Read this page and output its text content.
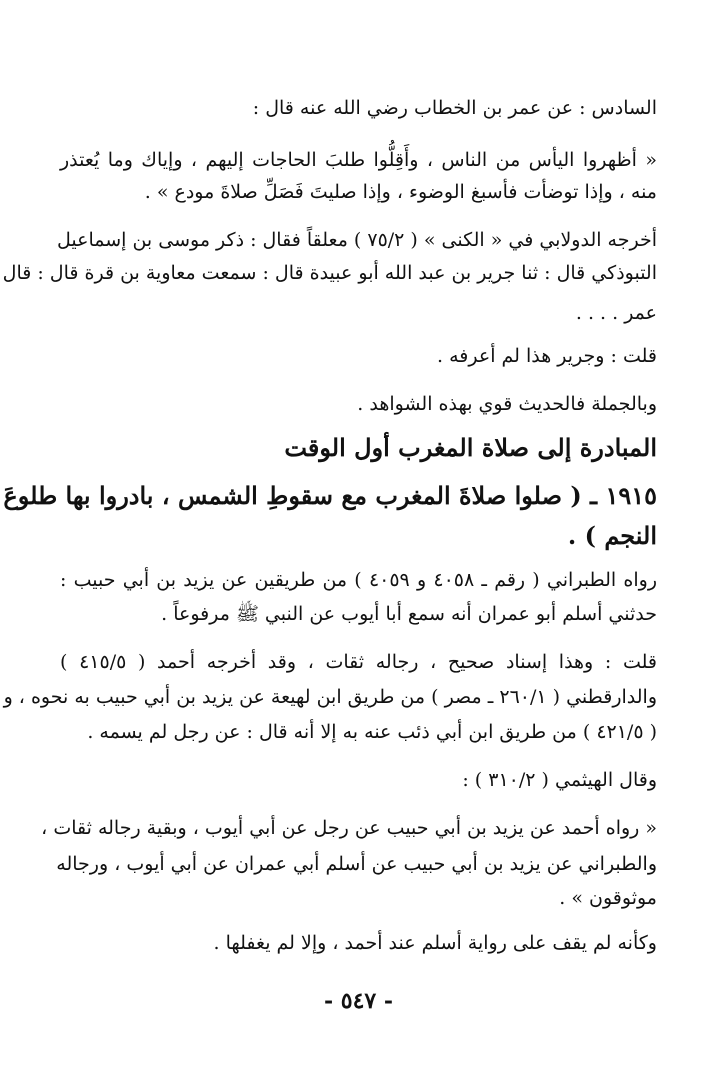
السادس : عن عمر بن الخطاب رضي الله عنه قال :
« أظهروا اليأس من الناس ، وأَقِلُّوا طلبَ الحاجات إليهم ، وإياك وما يُعتذر
منه ، وإذا توضأت فأسبغ الوضوء ، وإذا صليتَ فَصَلِّ صلاةَ مودع » .
أخرجه الدولابي في « الكنى » ( ٧٥/٢ ) معلقاً فقال : ذكر موسى بن إسماعيل
التبوذكي قال : ثنا جرير بن عبد الله أبو عبيدة قال : سمعت معاوية بن قرة قال : قال
عمر . . . .
قلت : وجرير هذا لم أعرفه .
وبالجملة فالحديث قوي بهذه الشواهد .
المبادرة إلى صلاة المغرب أول الوقت
١٩١٥ ـ ( صلوا صلاةَ المغرب مع سقوطِ الشمس ، بادروا بها طلوعَ
النجم ) .
رواه الطبراني ( رقم ـ ٤٠٥٨ و ٤٠٥٩ ) من طريقين عن يزيد بن أبي حبيب :
حدثني أسلم أبو عمران أنه سمع أبا أيوب عن النبي ﷺ مرفوعاً .
قلت : وهذا إسناد صحيح ، رجاله ثقات ، وقد أخرجه أحمد ( ٤١٥/٥ )
والدارقطني ( ٢٦٠/١ ـ مصر ) من طريق ابن لهيعة عن يزيد بن أبي حبيب به نحوه ، و
( ٤٢١/٥ ) من طريق ابن أبي ذئب عنه به إلا أنه قال : عن رجل لم يسمه .
وقال الهيثمي ( ٣١٠/٢ ) :
« رواه أحمد عن يزيد بن أبي حبيب عن رجل عن أبي أيوب ، وبقية رجاله ثقات ،
والطبراني عن يزيد بن أبي حبيب عن أسلم أبي عمران عن أبي أيوب ، ورجاله
موثوقون » .
وكأنه لم يقف على رواية أسلم عند أحمد ، وإلا لم يغفلها .
- ٥٤٧ -
